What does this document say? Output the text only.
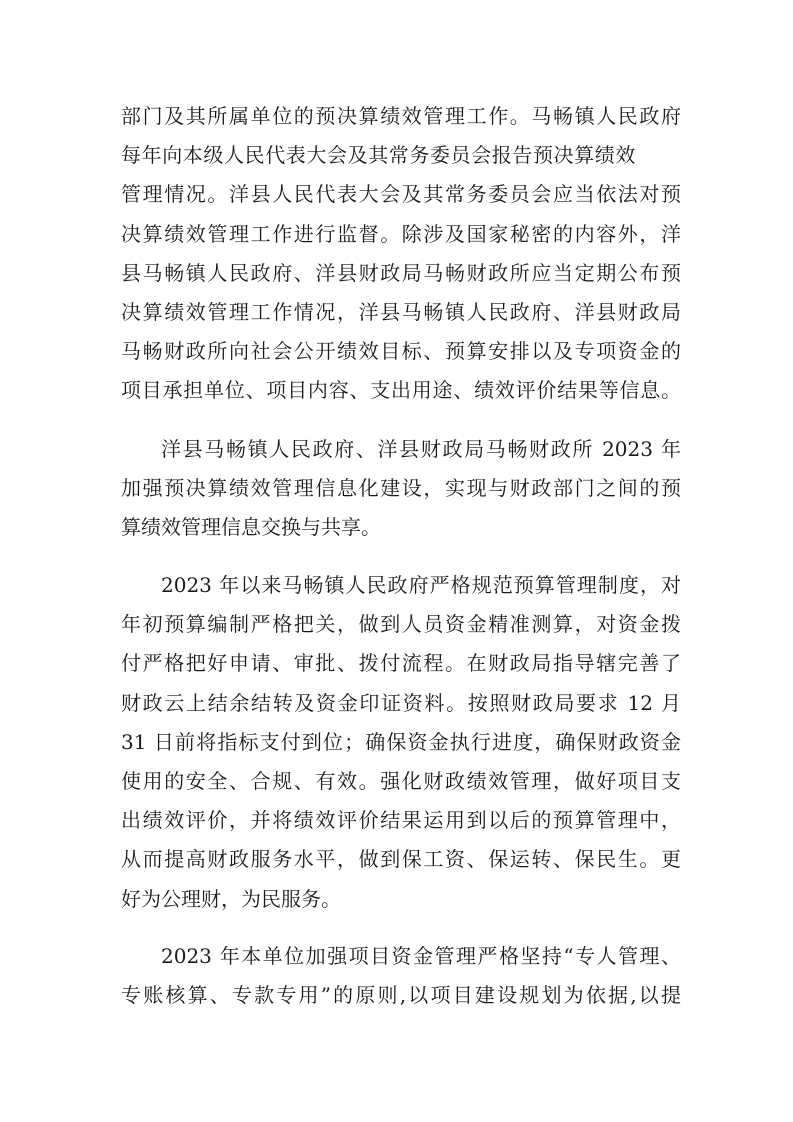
部门及其所属单位的预决算绩效管理工作。马畅镇人民政府
每年向本级人民代表大会及其常务委员会报告预决算绩效
管理情况。洋县人民代表大会及其常务委员会应当依法对预
决算绩效管理工作进行监督。除涉及国家秘密的内容外，洋
县马畅镇人民政府、洋县财政局马畅财政所应当定期公布预
决算绩效管理工作情况，洋县马畅镇人民政府、洋县财政局
马畅财政所向社会公开绩效目标、预算安排以及专项资金的
项目承担单位、项目内容、支出用途、绩效评价结果等信息。
洋县马畅镇人民政府、洋县财政局马畅财政所 2023 年
加强预决算绩效管理信息化建设，实现与财政部门之间的预
算绩效管理信息交换与共享。
2023 年以来马畅镇人民政府严格规范预算管理制度，对
年初预算编制严格把关，做到人员资金精准测算，对资金拨
付严格把好申请、审批、拨付流程。在财政局指导辖完善了
财政云上结余结转及资金印证资料。按照财政局要求 12 月
31 日前将指标支付到位；确保资金执行进度，确保财政资金
使用的安全、合规、有效。强化财政绩效管理，做好项目支
出绩效评价，并将绩效评价结果运用到以后的预算管理中，
从而提高财政服务水平，做到保工资、保运转、保民生。更
好为公理财，为民服务。
2023 年本单位加强项目资金管理严格坚持“专人管理、
专账核算、专款专用”的原则,以项目建设规划为依据,以提
